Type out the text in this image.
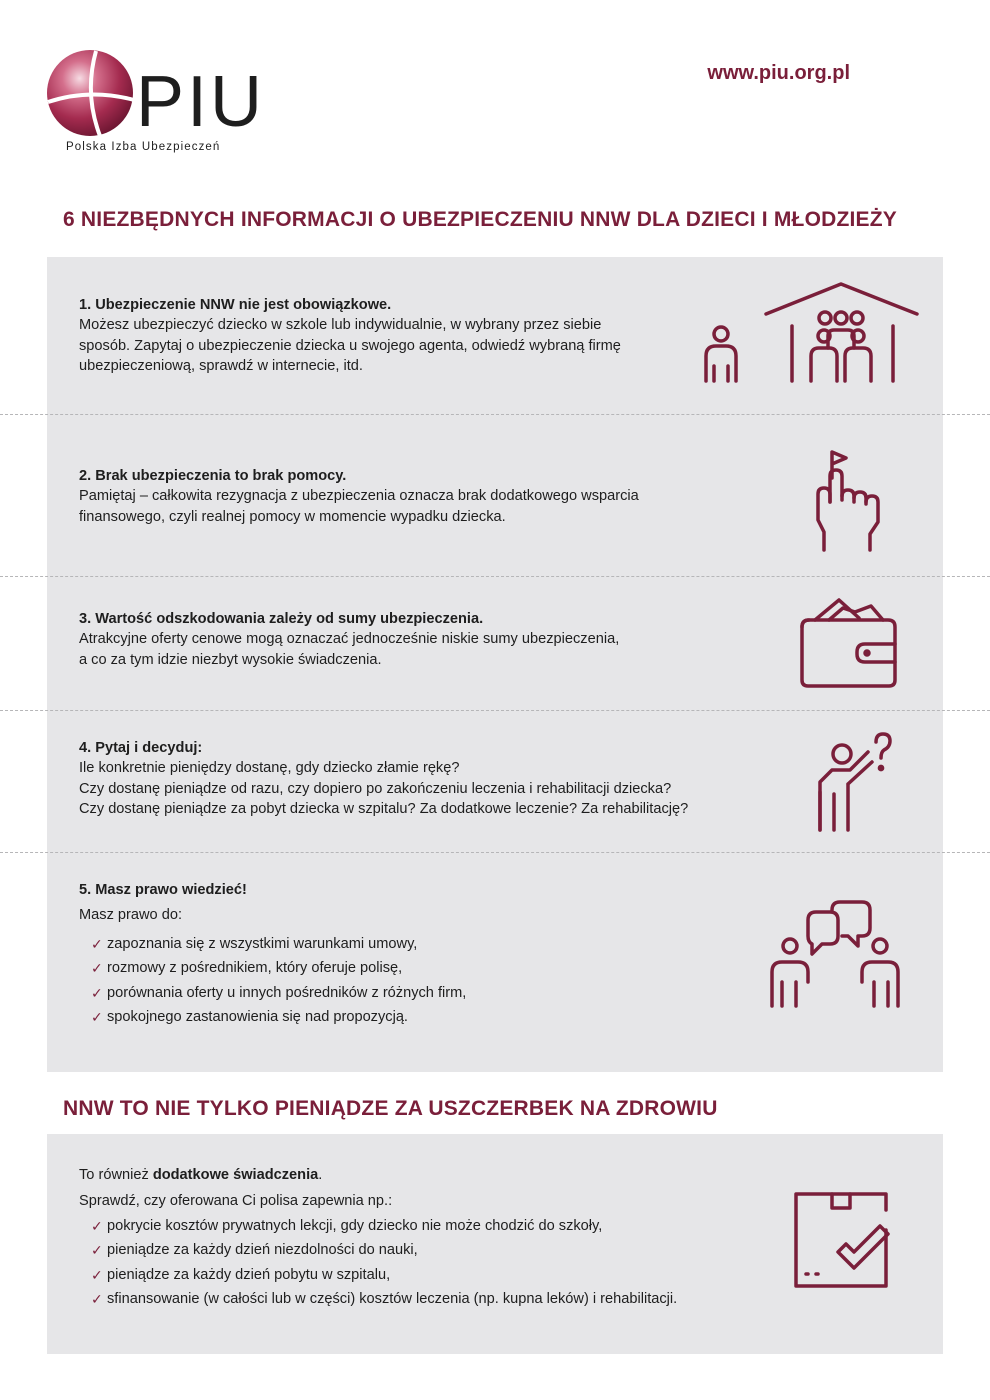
PIU
Polska Izba Ubezpieczeń
www.piu.org.pl
6 NIEZBĘDNYCH INFORMACJI O UBEZPIECZENIU NNW DLA DZIECI I MŁODZIEŻY

1. Ubezpieczenie NNW nie jest obowiązkowe.

Możesz ubezpieczyć dziecko w szkole lub indywidualnie, w wybrany przez siebie

sposób. Zapytaj o ubezpieczenie dziecka u swojego agenta, odwiedź wybraną firmę

ubezpieczeniową, sprawdź w internecie, itd.

2. Brak ubezpieczenia to brak pomocy.

Pamiętaj – całkowita rezygnacja z ubezpieczenia oznacza brak dodatkowego wsparcia

finansowego, czyli realnej pomocy w momencie wypadku dziecka.

3. Wartość odszkodowania zależy od sumy ubezpieczenia.

Atrakcyjne oferty cenowe mogą oznaczać jednocześnie niskie sumy ubezpieczenia,

a co za tym idzie niezbyt wysokie świadczenia.

4. Pytaj i decyduj:

Ile konkretnie pieniędzy dostanę, gdy dziecko złamie rękę?

Czy dostanę pieniądze od razu, czy dopiero po zakończeniu leczenia i rehabilitacji dziecka?

Czy dostanę pieniądze za pobyt dziecka w szpitalu? Za dodatkowe leczenie? Za rehabilitację?

5. Masz prawo wiedzieć!

Masz prawo do:

✓ zapoznania się z wszystkimi warunkami umowy,
✓ rozmowy z pośrednikiem, który oferuje polisę,
✓ porównania oferty u innych pośredników z różnych firm,
✓ spokojnego zastanowienia się nad propozycją.
NNW TO NIE TYLKO PIENIĄDZE ZA USZCZERBEK NA ZDROWIU

To również dodatkowe świadczenia.

Sprawdź, czy oferowana Ci polisa zapewnia np.:

✓ pokrycie kosztów prywatnych lekcji, gdy dziecko nie może chodzić do szkoły,
✓ pieniądze za każdy dzień niezdolności do nauki,
✓ pieniądze za każdy dzień pobytu w szpitalu,
✓ sfinansowanie (w całości lub w części) kosztów leczenia (np. kupna leków) i rehabilitacji.
